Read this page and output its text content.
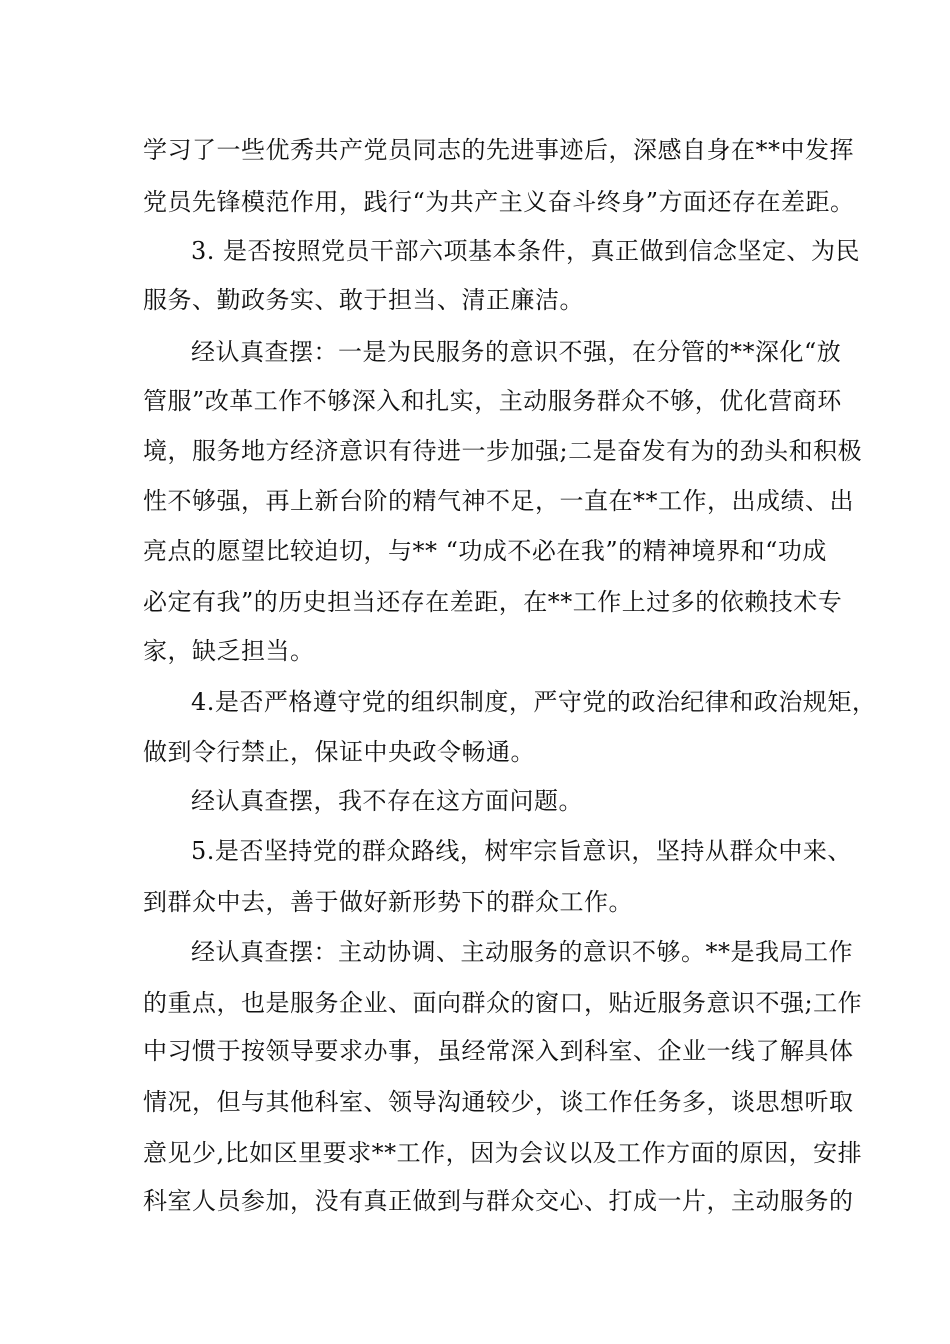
学习了一些优秀共产党员同志的先进事迹后，深感自身在**中发挥
党员先锋模范作用，践行“为共产主义奋斗终身”方面还存在差距。
3. 是否按照党员干部六项基本条件，真正做到信念坚定、为民
服务、勤政务实、敢于担当、清正廉洁。
经认真查摆：一是为民服务的意识不强，在分管的**深化“放
管服”改革工作不够深入和扎实，主动服务群众不够，优化营商环
境，服务地方经济意识有待进一步加强;二是奋发有为的劲头和积极
性不够强，再上新台阶的精气神不足，一直在**工作，出成绩、出
亮点的愿望比较迫切，与** “功成不必在我”的精神境界和“功成
必定有我”的历史担当还存在差距，在**工作上过多的依赖技术专
家，缺乏担当。
4.是否严格遵守党的组织制度，严守党的政治纪律和政治规矩，
做到令行禁止，保证中央政令畅通。
经认真查摆，我不存在这方面问题。
5.是否坚持党的群众路线，树牢宗旨意识，坚持从群众中来、
到群众中去，善于做好新形势下的群众工作。
经认真查摆：主动协调、主动服务的意识不够。**是我局工作
的重点，也是服务企业、面向群众的窗口，贴近服务意识不强;工作
中习惯于按领导要求办事，虽经常深入到科室、企业一线了解具体
情况，但与其他科室、领导沟通较少，谈工作任务多，谈思想听取
意见少,比如区里要求**工作，因为会议以及工作方面的原因，安排
科室人员参加，没有真正做到与群众交心、打成一片，主动服务的
